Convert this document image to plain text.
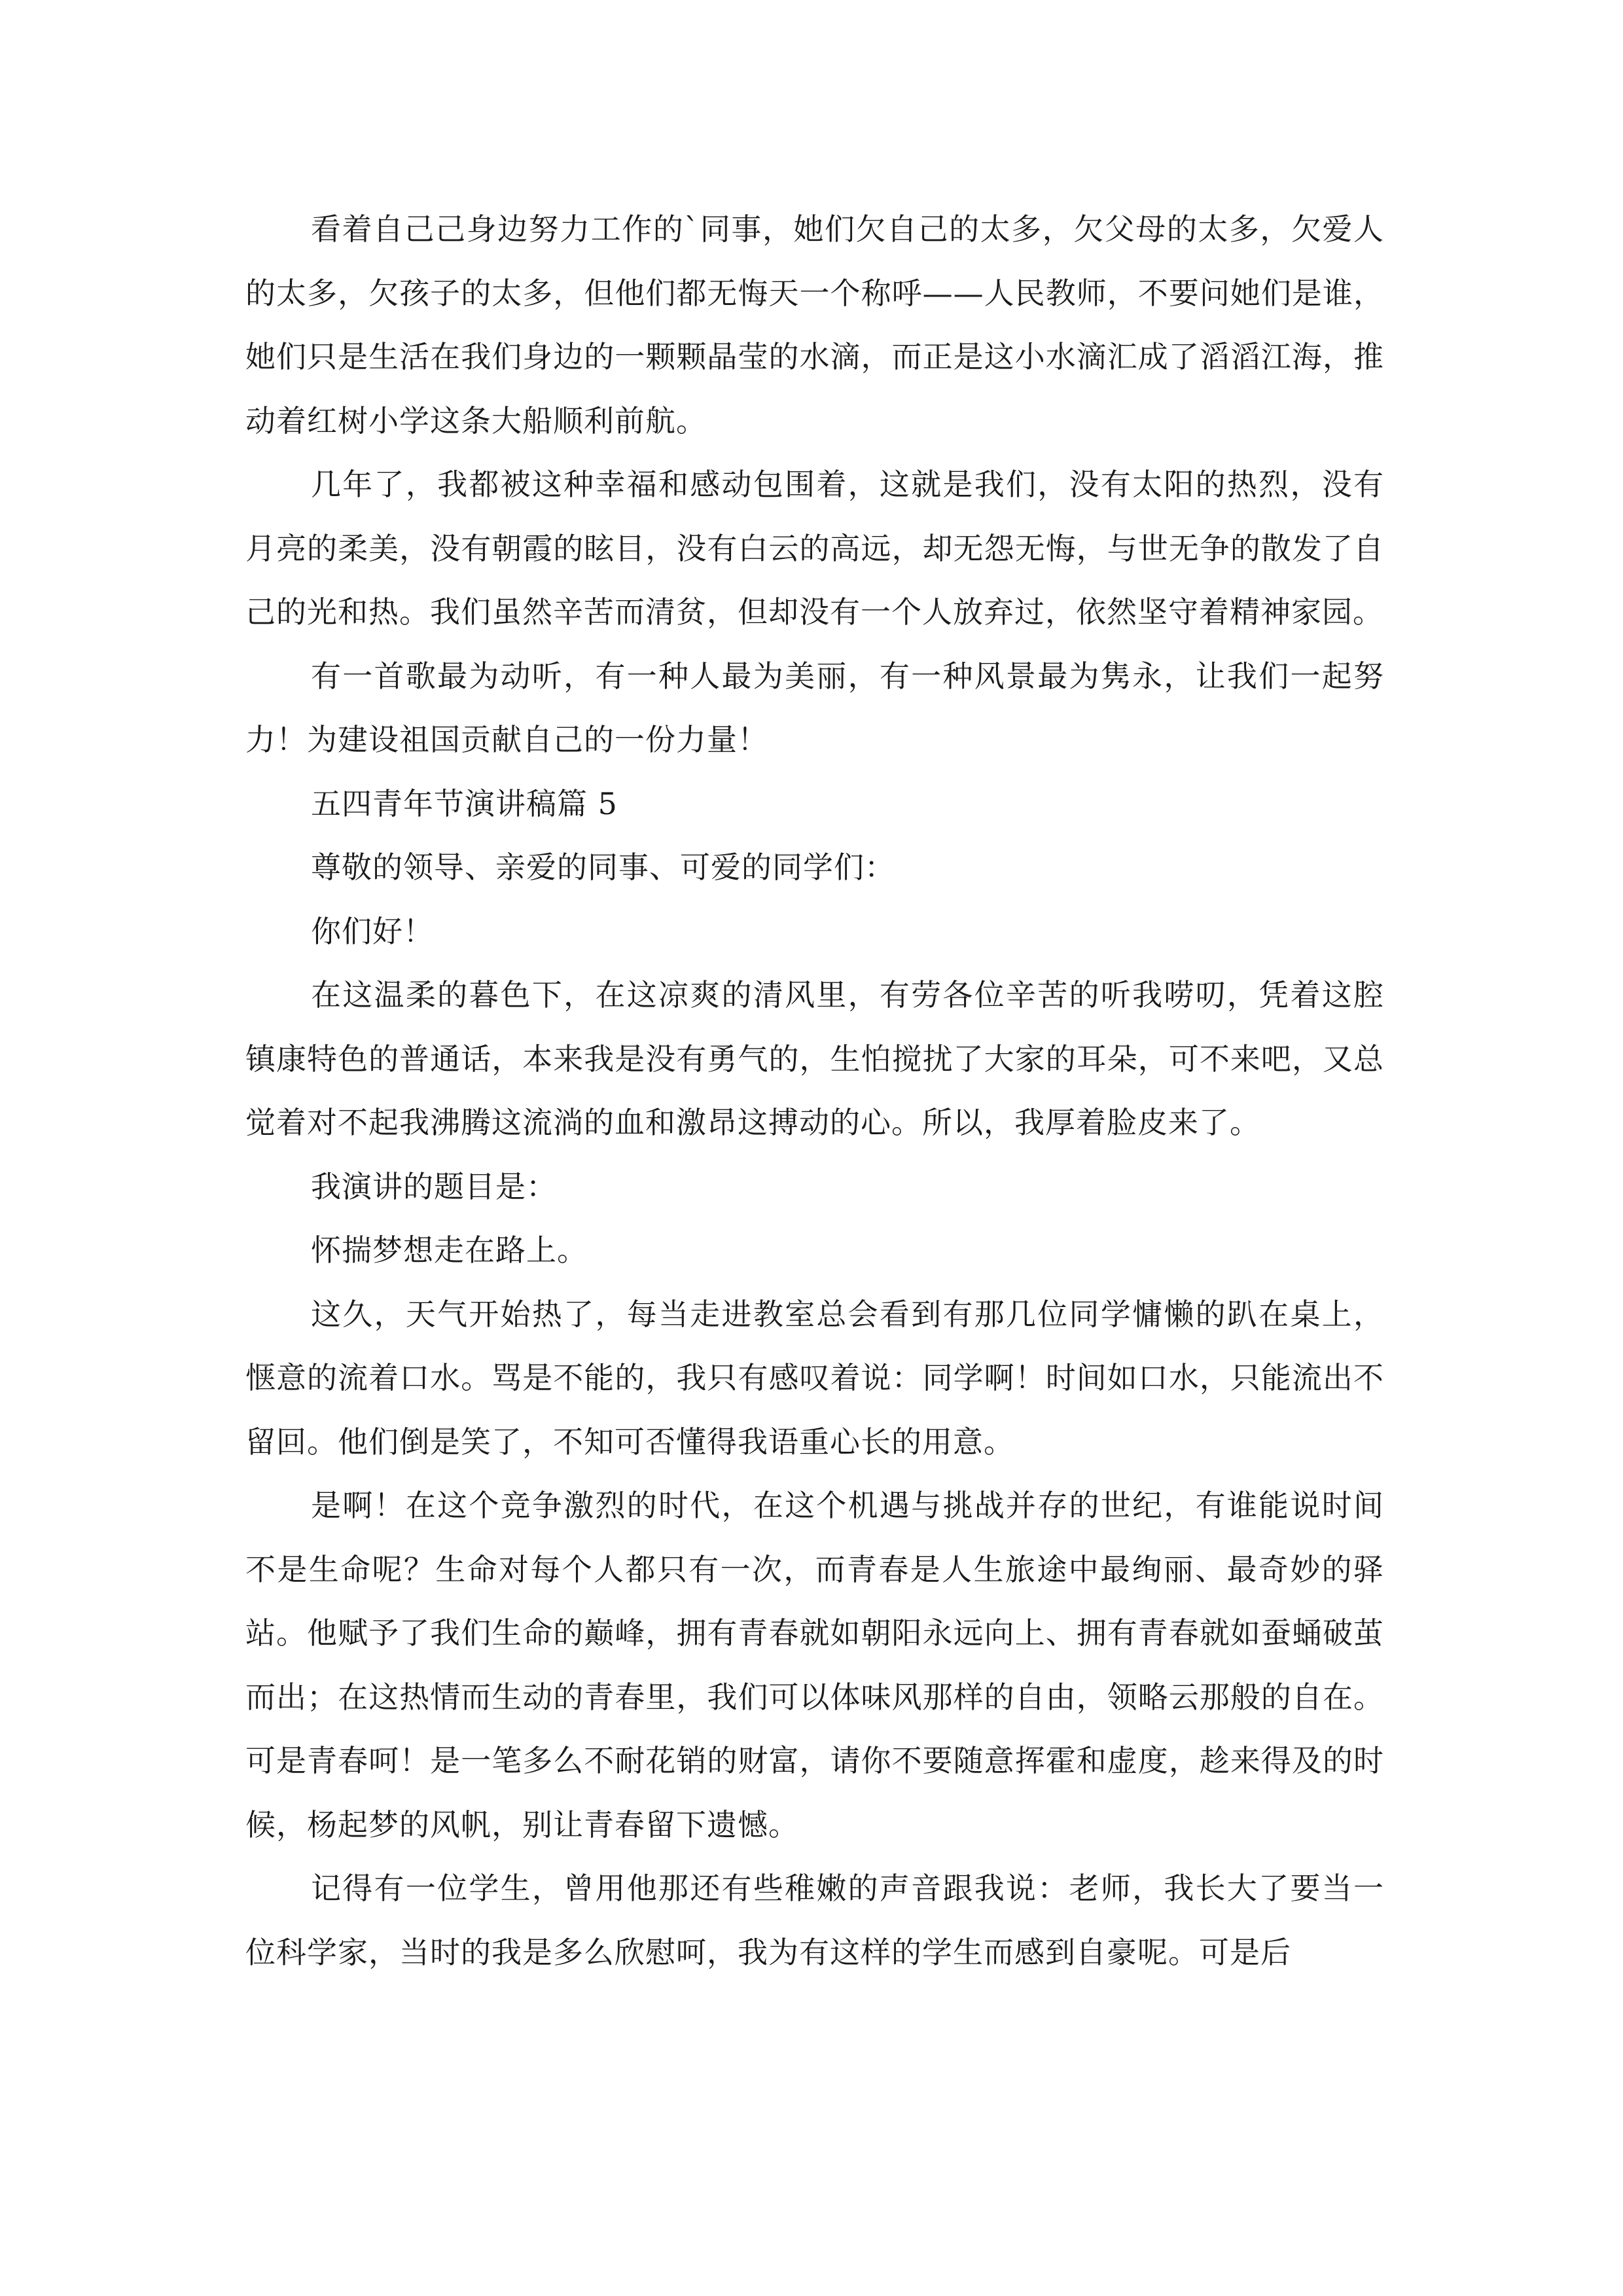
看着自己己身边努力工作的`同事，她们欠自己的太多，欠父母的太多，欠爱人的太多，欠孩子的太多，但他们都无悔天一个称呼——人民教师，不要问她们是谁，她们只是生活在我们身边的一颗颗晶莹的水滴，而正是这小水滴汇成了滔滔江海，推动着红树小学这条大船顺利前航。

几年了，我都被这种幸福和感动包围着，这就是我们，没有太阳的热烈，没有月亮的柔美，没有朝霞的眩目，没有白云的高远，却无怨无悔，与世无争的散发了自己的光和热。我们虽然辛苦而清贫，但却没有一个人放弃过，依然坚守着精神家园。

有一首歌最为动听，有一种人最为美丽，有一种风景最为隽永，让我们一起努力！为建设祖国贡献自己的一份力量！

五四青年节演讲稿篇 5

尊敬的领导、亲爱的同事、可爱的同学们：

你们好！

在这温柔的暮色下，在这凉爽的清风里，有劳各位辛苦的听我唠叨，凭着这腔镇康特色的普通话，本来我是没有勇气的，生怕搅扰了大家的耳朵，可不来吧，又总觉着对不起我沸腾这流淌的血和激昂这搏动的心。所以，我厚着脸皮来了。

我演讲的题目是：

怀揣梦想走在路上。

这久，天气开始热了，每当走进教室总会看到有那几位同学慵懒的趴在桌上，惬意的流着口水。骂是不能的，我只有感叹着说：同学啊！时间如口水，只能流出不留回。他们倒是笑了，不知可否懂得我语重心长的用意。

是啊！在这个竞争激烈的时代，在这个机遇与挑战并存的世纪，有谁能说时间不是生命呢？生命对每个人都只有一次，而青春是人生旅途中最绚丽、最奇妙的驿站。他赋予了我们生命的巅峰，拥有青春就如朝阳永远向上、拥有青春就如蚕蛹破茧而出；在这热情而生动的青春里，我们可以体味风那样的自由，领略云那般的自在。可是青春呵！是一笔多么不耐花销的财富，请你不要随意挥霍和虚度，趁来得及的时候，杨起梦的风帆，别让青春留下遗憾。

记得有一位学生，曾用他那还有些稚嫩的声音跟我说：老师，我长大了要当一位科学家，当时的我是多么欣慰呵，我为有这样的学生而感到自豪呢。可是后
